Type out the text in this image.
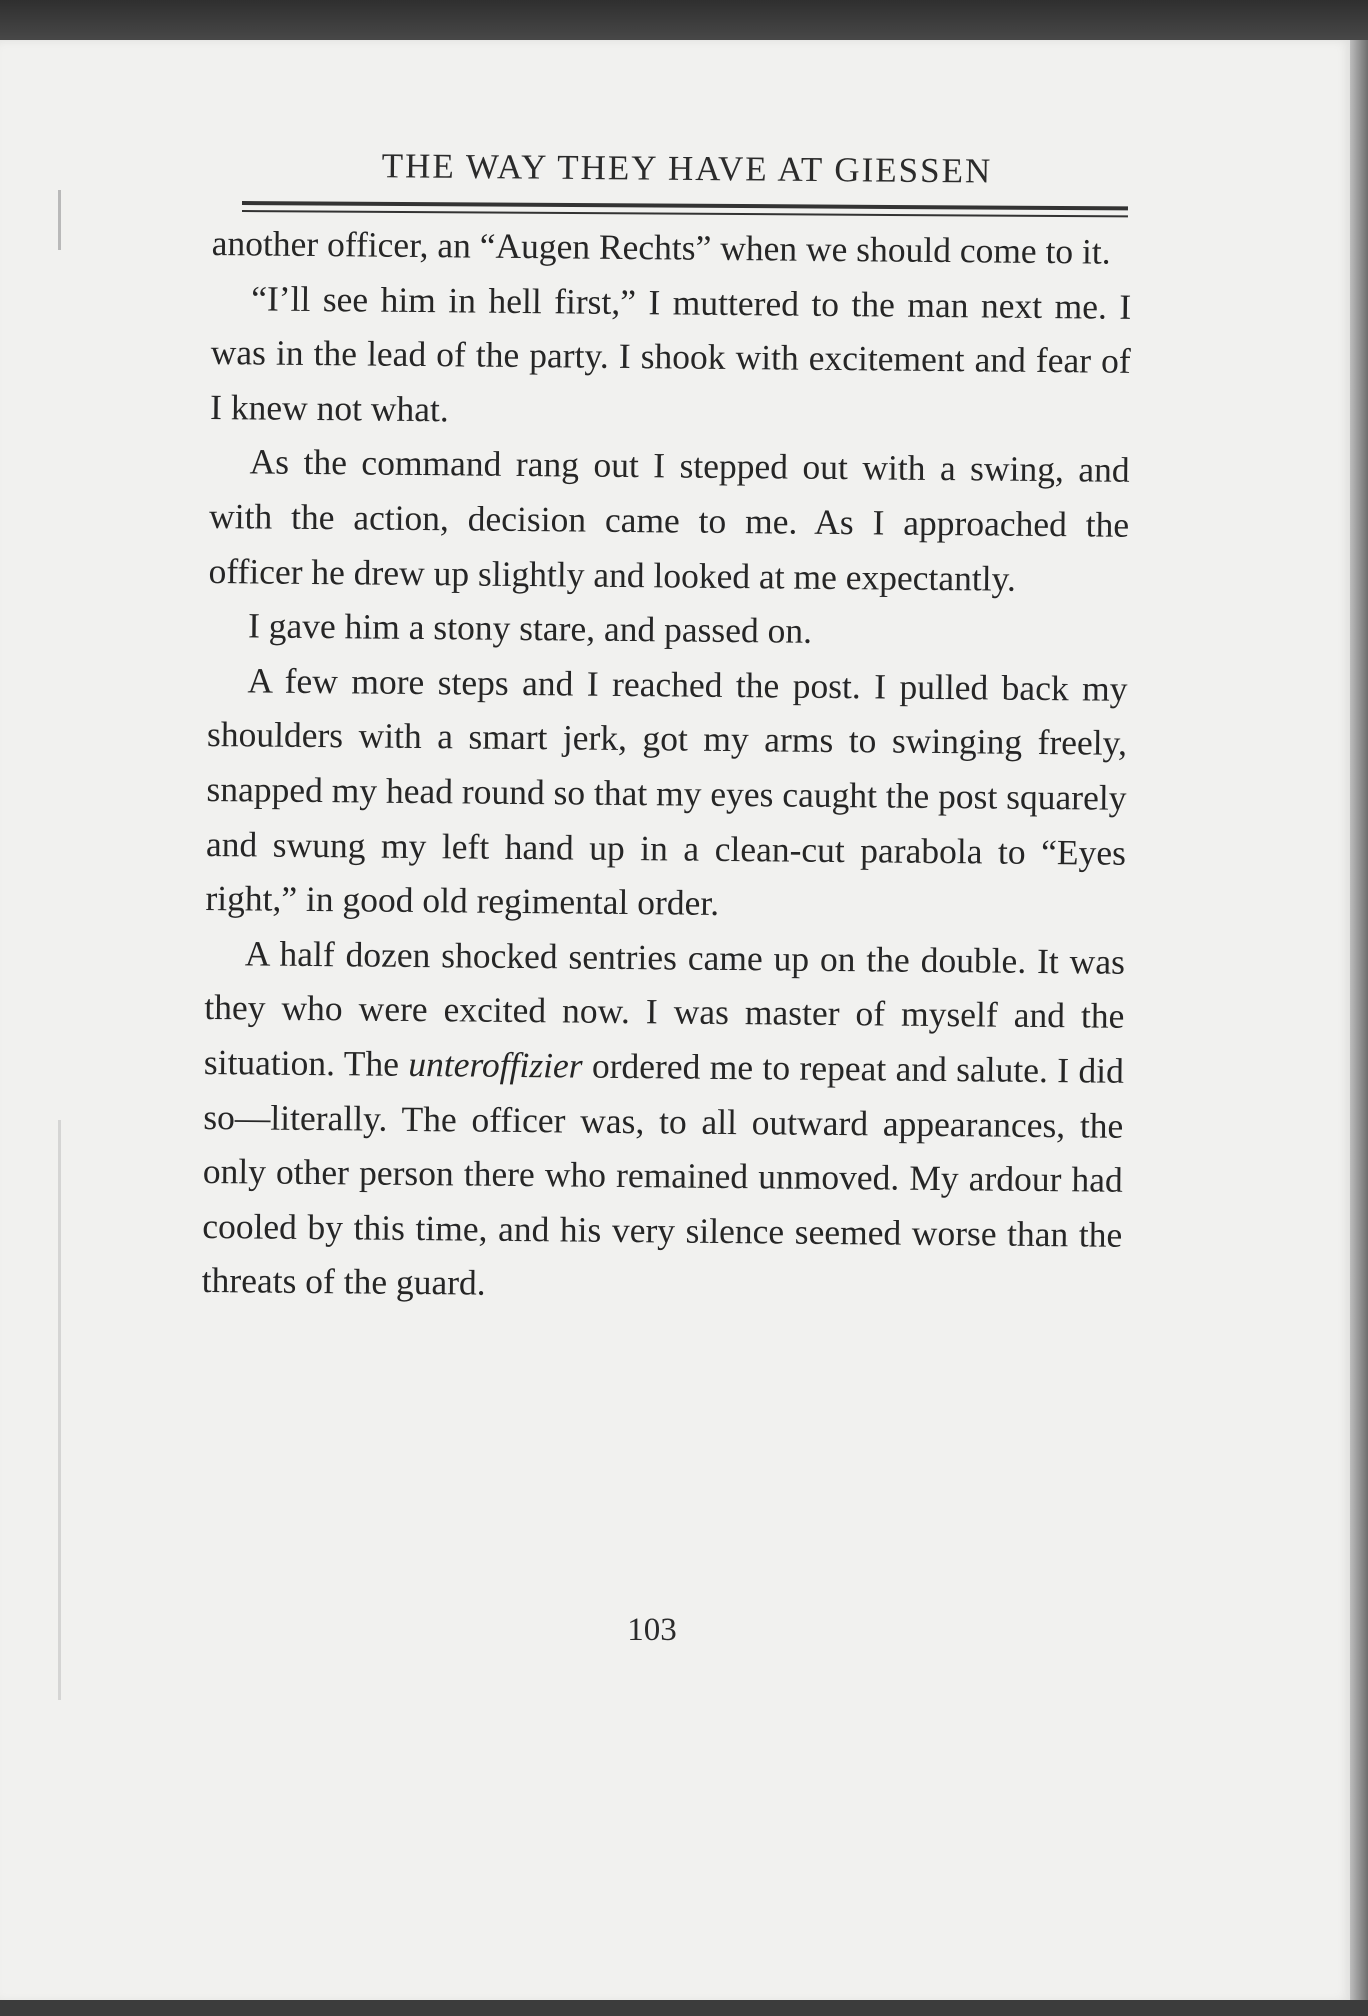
THE WAY THEY HAVE AT GIESSEN

another officer, an “Augen Rechts” when we should come to it.

“I’ll see him in hell first,” I muttered to the man next me. I was in the lead of the party. I shook with excitement and fear of I knew not what.

As the command rang out I stepped out with a swing, and with the action, decision came to me. As I approached the officer he drew up slightly and looked at me expectantly.

I gave him a stony stare, and passed on.

A few more steps and I reached the post. I pulled back my shoulders with a smart jerk, got my arms to swinging freely, snapped my head round so that my eyes caught the post squarely and swung my left hand up in a clean-cut parabola to “Eyes right,” in good old regimental order.

A half dozen shocked sentries came up on the double. It was they who were excited now. I was master of myself and the situation. The unteroffizier ordered me to repeat and salute. I did so—literally. The officer was, to all outward appearances, the only other person there who remained unmoved. My ardour had cooled by this time, and his very silence seemed worse than the threats of the guard.

103
